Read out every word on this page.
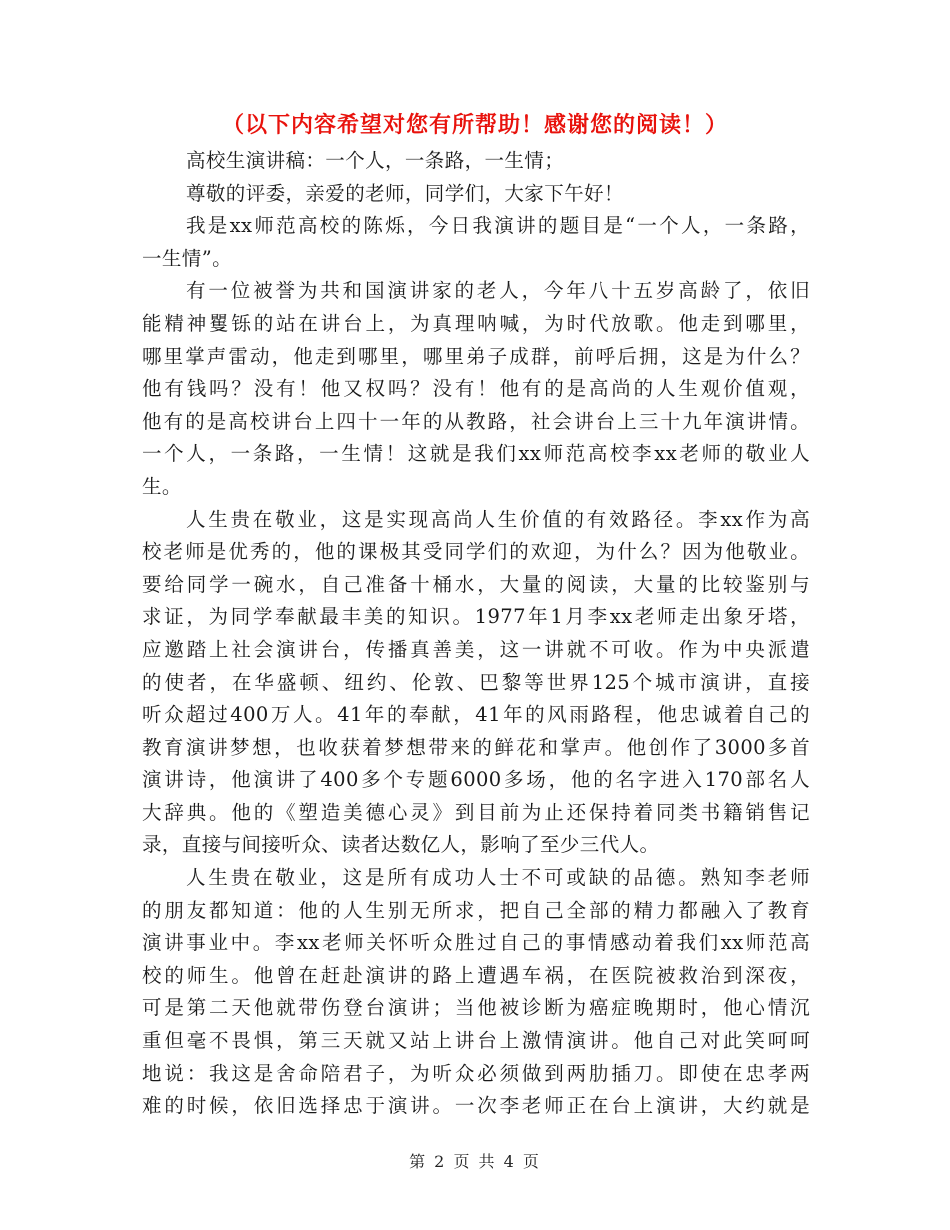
（以下内容希望对您有所帮助！感谢您的阅读！）
高校生演讲稿：一个人，一条路，一生情；
尊敬的评委，亲爱的老师，同学们，大家下午好！
我是xx师范高校的陈烁，今日我演讲的题目是“一个人，一条路，
一生情”。
有一位被誉为共和国演讲家的老人，今年八十五岁高龄了，依旧
能精神矍铄的站在讲台上，为真理呐喊，为时代放歌。他走到哪里，
哪里掌声雷动，他走到哪里，哪里弟子成群，前呼后拥，这是为什么？
他有钱吗？没有！他又权吗？没有！他有的是高尚的人生观价值观，
他有的是高校讲台上四十一年的从教路，社会讲台上三十九年演讲情。
一个人，一条路，一生情！这就是我们xx师范高校李xx老师的敬业人
生。
人生贵在敬业，这是实现高尚人生价值的有效路径。李xx作为高
校老师是优秀的，他的课极其受同学们的欢迎，为什么？因为他敬业。
要给同学一碗水，自己准备十桶水，大量的阅读，大量的比较鉴别与
求证，为同学奉献最丰美的知识。1977年1月李xx老师走出象牙塔，
应邀踏上社会演讲台，传播真善美，这一讲就不可收。作为中央派遣
的使者，在华盛顿、纽约、伦敦、巴黎等世界125个城市演讲，直接
听众超过400万人。41年的奉献，41年的风雨路程，他忠诚着自己的
教育演讲梦想，也收获着梦想带来的鲜花和掌声。他创作了3000多首
演讲诗，他演讲了400多个专题6000多场，他的名字进入170部名人
大辞典。他的《塑造美德心灵》到目前为止还保持着同类书籍销售记
录，直接与间接听众、读者达数亿人，影响了至少三代人。
人生贵在敬业，这是所有成功人士不可或缺的品德。熟知李老师
的朋友都知道：他的人生别无所求，把自己全部的精力都融入了教育
演讲事业中。李xx老师关怀听众胜过自己的事情感动着我们xx师范高
校的师生。他曾在赶赴演讲的路上遭遇车祸，在医院被救治到深夜，
可是第二天他就带伤登台演讲；当他被诊断为癌症晚期时，他心情沉
重但毫不畏惧，第三天就又站上讲台上激情演讲。他自己对此笑呵呵
地说：我这是舍命陪君子，为听众必须做到两肋插刀。即使在忠孝两
难的时候，依旧选择忠于演讲。一次李老师正在台上演讲，大约就是
第 2 页 共 4 页
